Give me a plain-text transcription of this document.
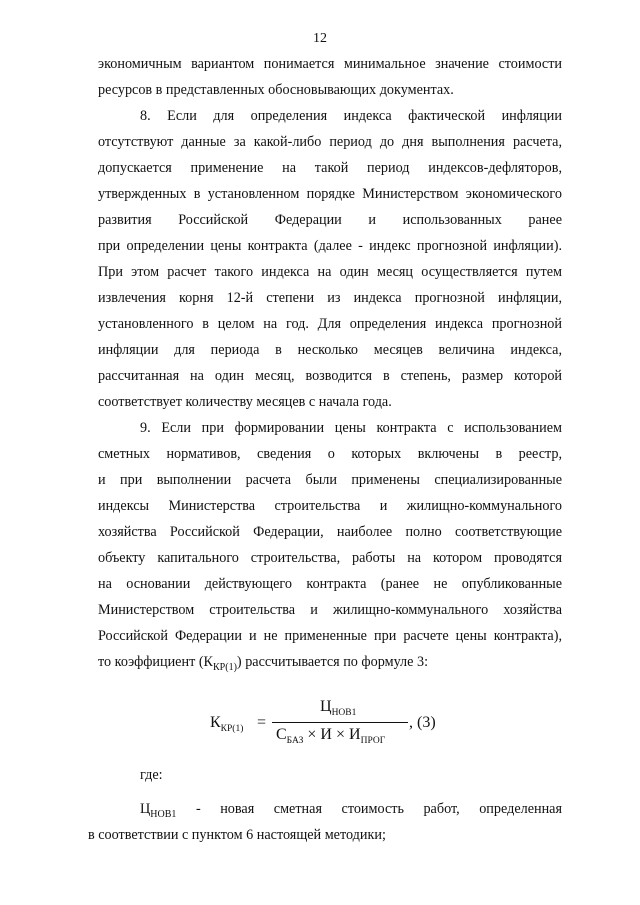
12
экономичным вариантом понимается минимальное значение стоимости
ресурсов в представленных обосновывающих документах.
8. Если для определения индекса фактической инфляции
отсутствуют данные за какой-либо период до дня выполнения расчета,
допускается применение на такой период индексов-дефляторов,
утвержденных в установленном порядке Министерством экономического
развития Российской Федерации и использованных ранее
при определении цены контракта (далее - индекс прогнозной инфляции).
При этом расчет такого индекса на один месяц осуществляется путем
извлечения корня 12-й степени из индекса прогнозной инфляции,
установленного в целом на год. Для определения индекса прогнозной
инфляции для периода в несколько месяцев величина индекса,
рассчитанная на один месяц, возводится в степень, размер которой
соответствует количеству месяцев с начала года.
9. Если при формировании цены контракта с использованием
сметных нормативов, сведения о которых включены в реестр,
и при выполнении расчета были применены специализированные
индексы Министерства строительства и жилищно-коммунального
хозяйства Российской Федерации, наиболее полно соответствующие
объекту капитального строительства, работы на котором проводятся
на основании действующего контракта (ранее не опубликованные
Министерством строительства и жилищно-коммунального хозяйства
Российской Федерации и не примененные при расчете цены контракта),
то коэффициент $(К_{КР(1)})$ рассчитывается по формуле 3:
$К_{КР(1)}$ =
$Ц_{НОВ1}$
$С_{БАЗ} \times И \times И_{ПРОГ}$
, (3)
где:
$Ц_{НОВ1}$ - новая сметная стоимость работ, определенная
в соответствии с пунктом 6 настоящей методики;
